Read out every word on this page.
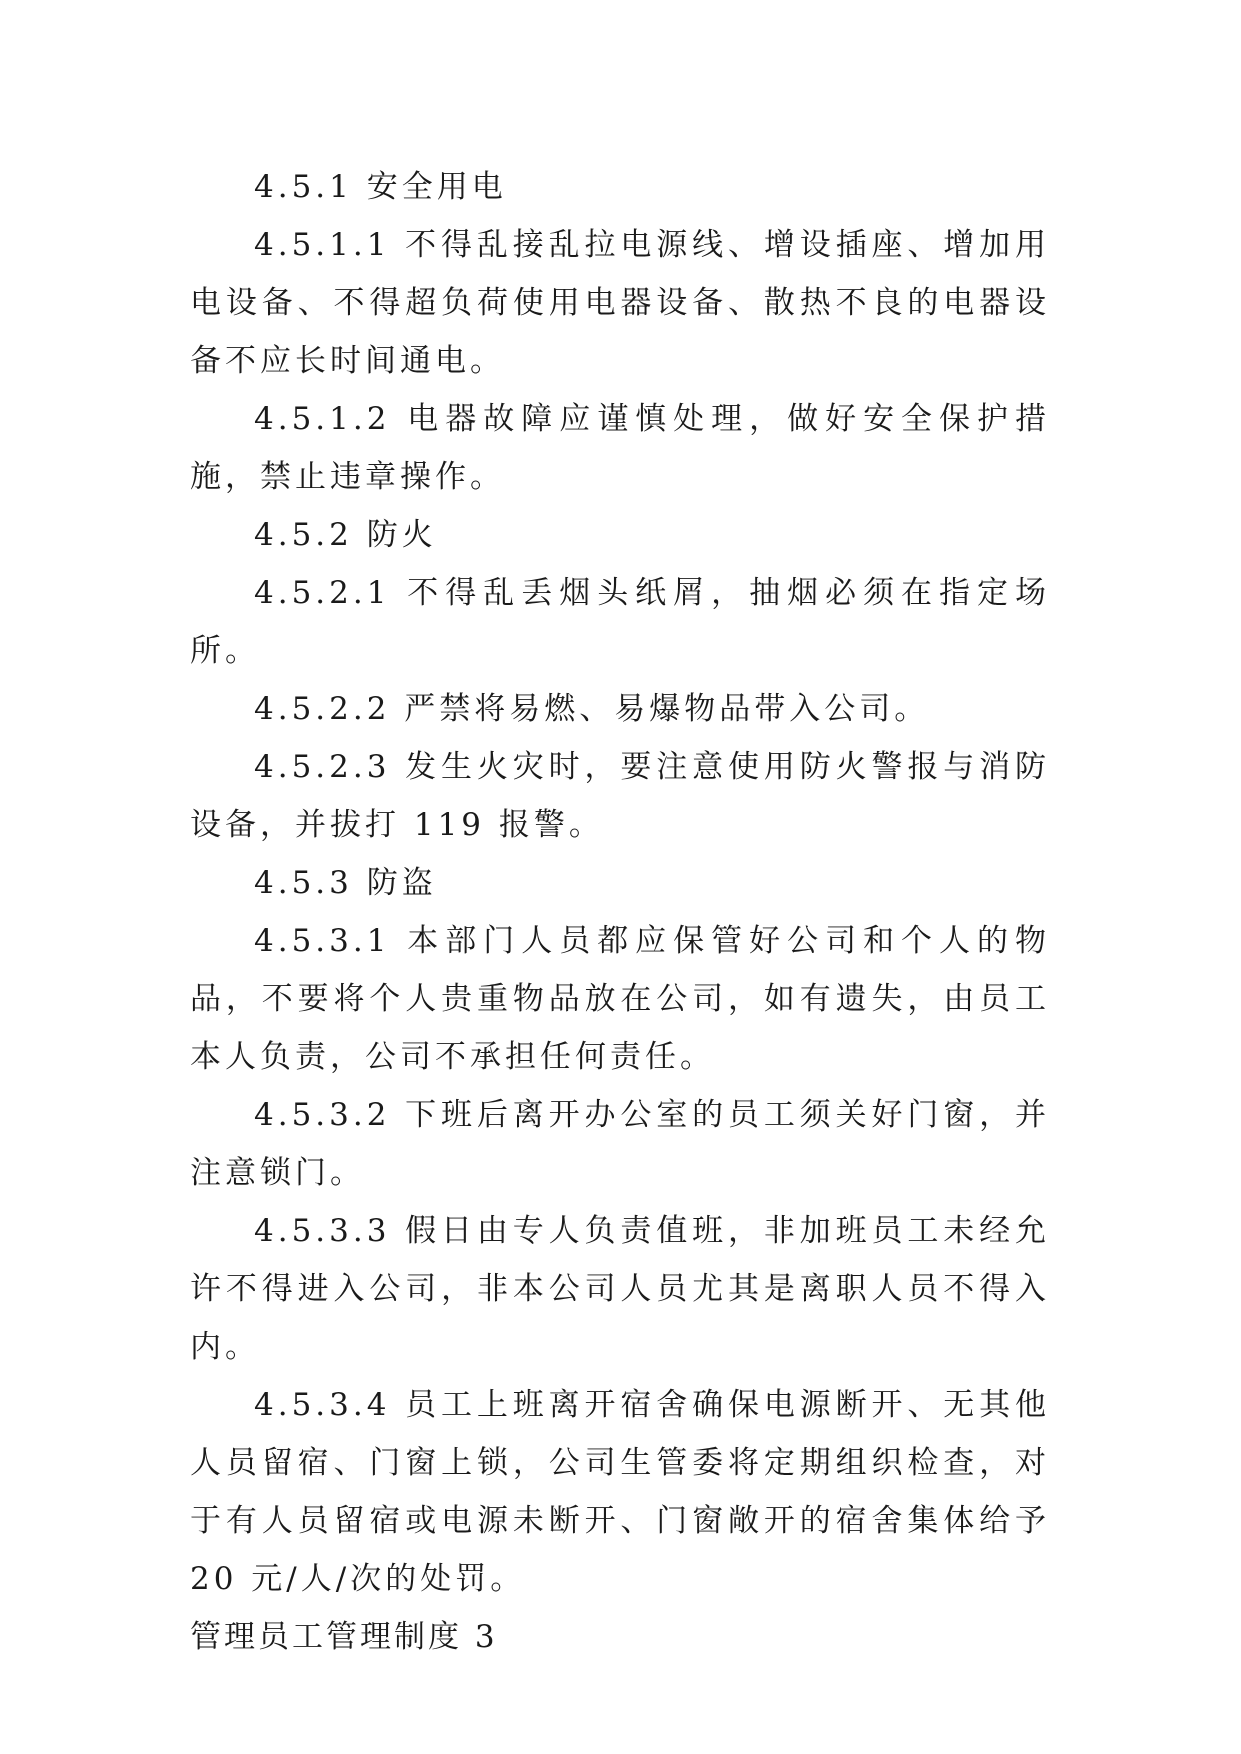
4.5.1 安全用电

4.5.1.1 不得乱接乱拉电源线、增设插座、增加用电设备、不得超负荷使用电器设备、散热不良的电器设备不应长时间通电。

4.5.1.2 电器故障应谨慎处理，做好安全保护措施，禁止违章操作。

4.5.2 防火

4.5.2.1 不得乱丢烟头纸屑，抽烟必须在指定场所。

4.5.2.2 严禁将易燃、易爆物品带入公司。

4.5.2.3 发生火灾时，要注意使用防火警报与消防设备，并拔打 119 报警。

4.5.3 防盗

4.5.3.1 本部门人员都应保管好公司和个人的物品，不要将个人贵重物品放在公司，如有遗失，由员工本人负责，公司不承担任何责任。

4.5.3.2 下班后离开办公室的员工须关好门窗，并注意锁门。

4.5.3.3 假日由专人负责值班，非加班员工未经允许不得进入公司，非本公司人员尤其是离职人员不得入内。

4.5.3.4 员工上班离开宿舍确保电源断开、无其他人员留宿、门窗上锁，公司生管委将定期组织检查，对于有人员留宿或电源未断开、门窗敞开的宿舍集体给予 20 元/人/次的处罚。

管理员工管理制度 3
